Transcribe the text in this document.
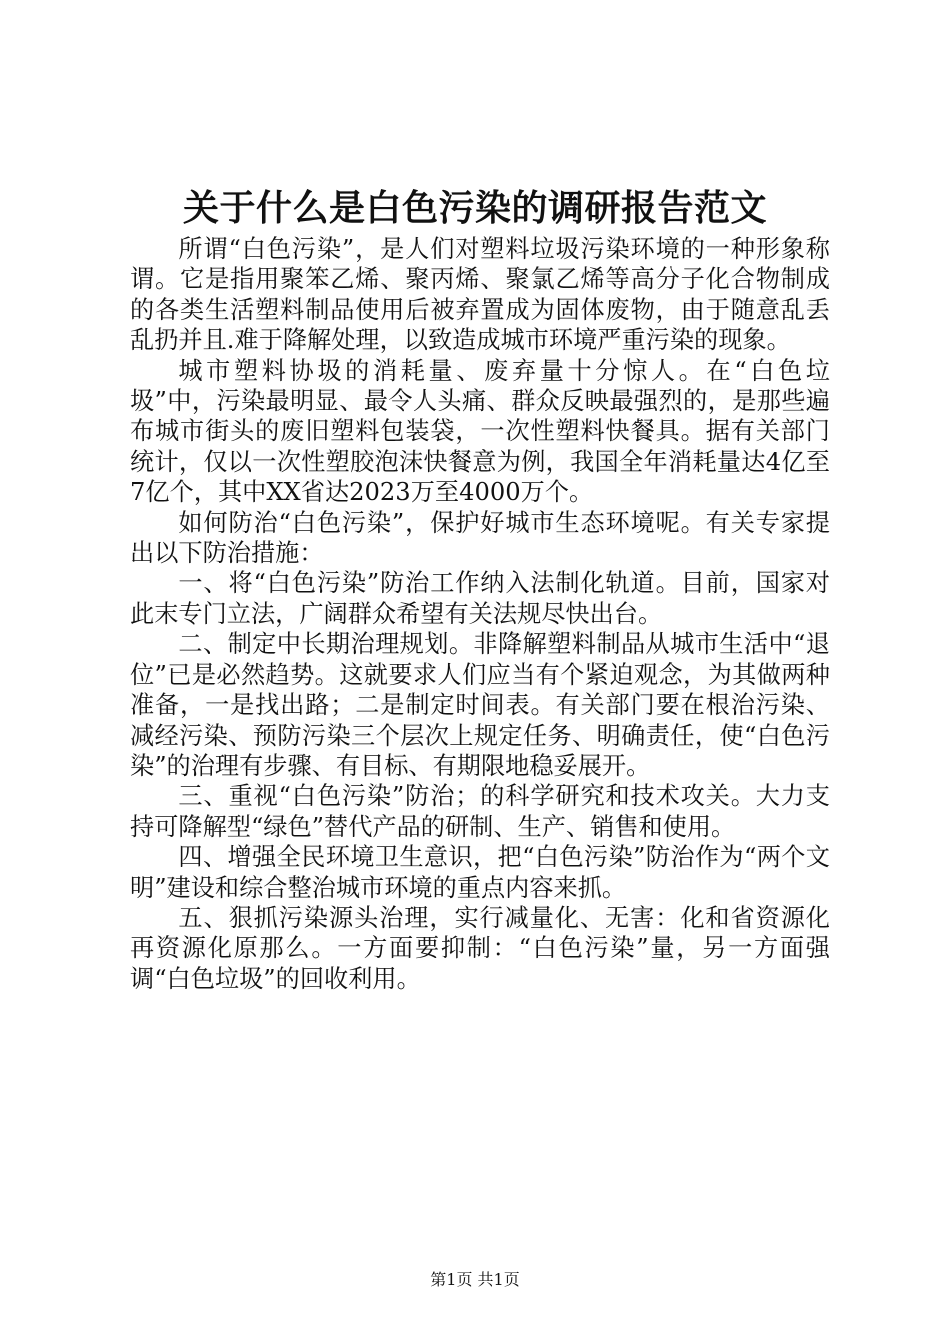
关于什么是白色污染的调研报告范文

所谓“白色污染”，是人们对塑料垃圾污染环境的一种形象称谓。它是指用聚笨乙烯、聚丙烯、聚氯乙烯等高分子化合物制成的各类生活塑料制品使用后被弃置成为固体废物，由于随意乱丢乱扔并且.难于降解处理，以致造成城市环境严重污染的现象。

城市塑料协圾的消耗量、废弃量十分惊人。在“白色垃圾”中，污染最明显、最令人头痛、群众反映最强烈的，是那些遍布城市街头的废旧塑料包装袋，一次性塑料快餐具。据有关部门统计，仅以一次性塑胶泡沫快餐意为例，我国全年消耗量达4亿至7亿个，其中XX省达2023万至4000万个。

如何防治“白色污染”，保护好城市生态环境呢。有关专家提出以下防治措施：

一、将“白色污染”防治工作纳入法制化轨道。目前，国家对此末专门立法，广阔群众希望有关法规尽快出台。

二、制定中长期治理规划。非降解塑料制品从城市生活中“退位”已是必然趋势。这就要求人们应当有个紧迫观念，为其做两种准备，一是找出路；二是制定时间表。有关部门要在根治污染、减经污染、预防污染三个层次上规定任务、明确责任，使“白色污染”的治理有步骤、有目标、有期限地稳妥展开。

三、重视“白色污染”防治；的科学研究和技术攻关。大力支持可降解型“绿色”替代产品的研制、生产、销售和使用。

四、增强全民环境卫生意识，把“白色污染”防治作为“两个文明”建设和综合整治城市环境的重点内容来抓。

五、狠抓污染源头治理，实行减量化、无害：化和省资源化再资源化原那么。一方面要抑制：“白色污染”量，另一方面强调“白色垃圾”的回收利用。

第1页 共1页
